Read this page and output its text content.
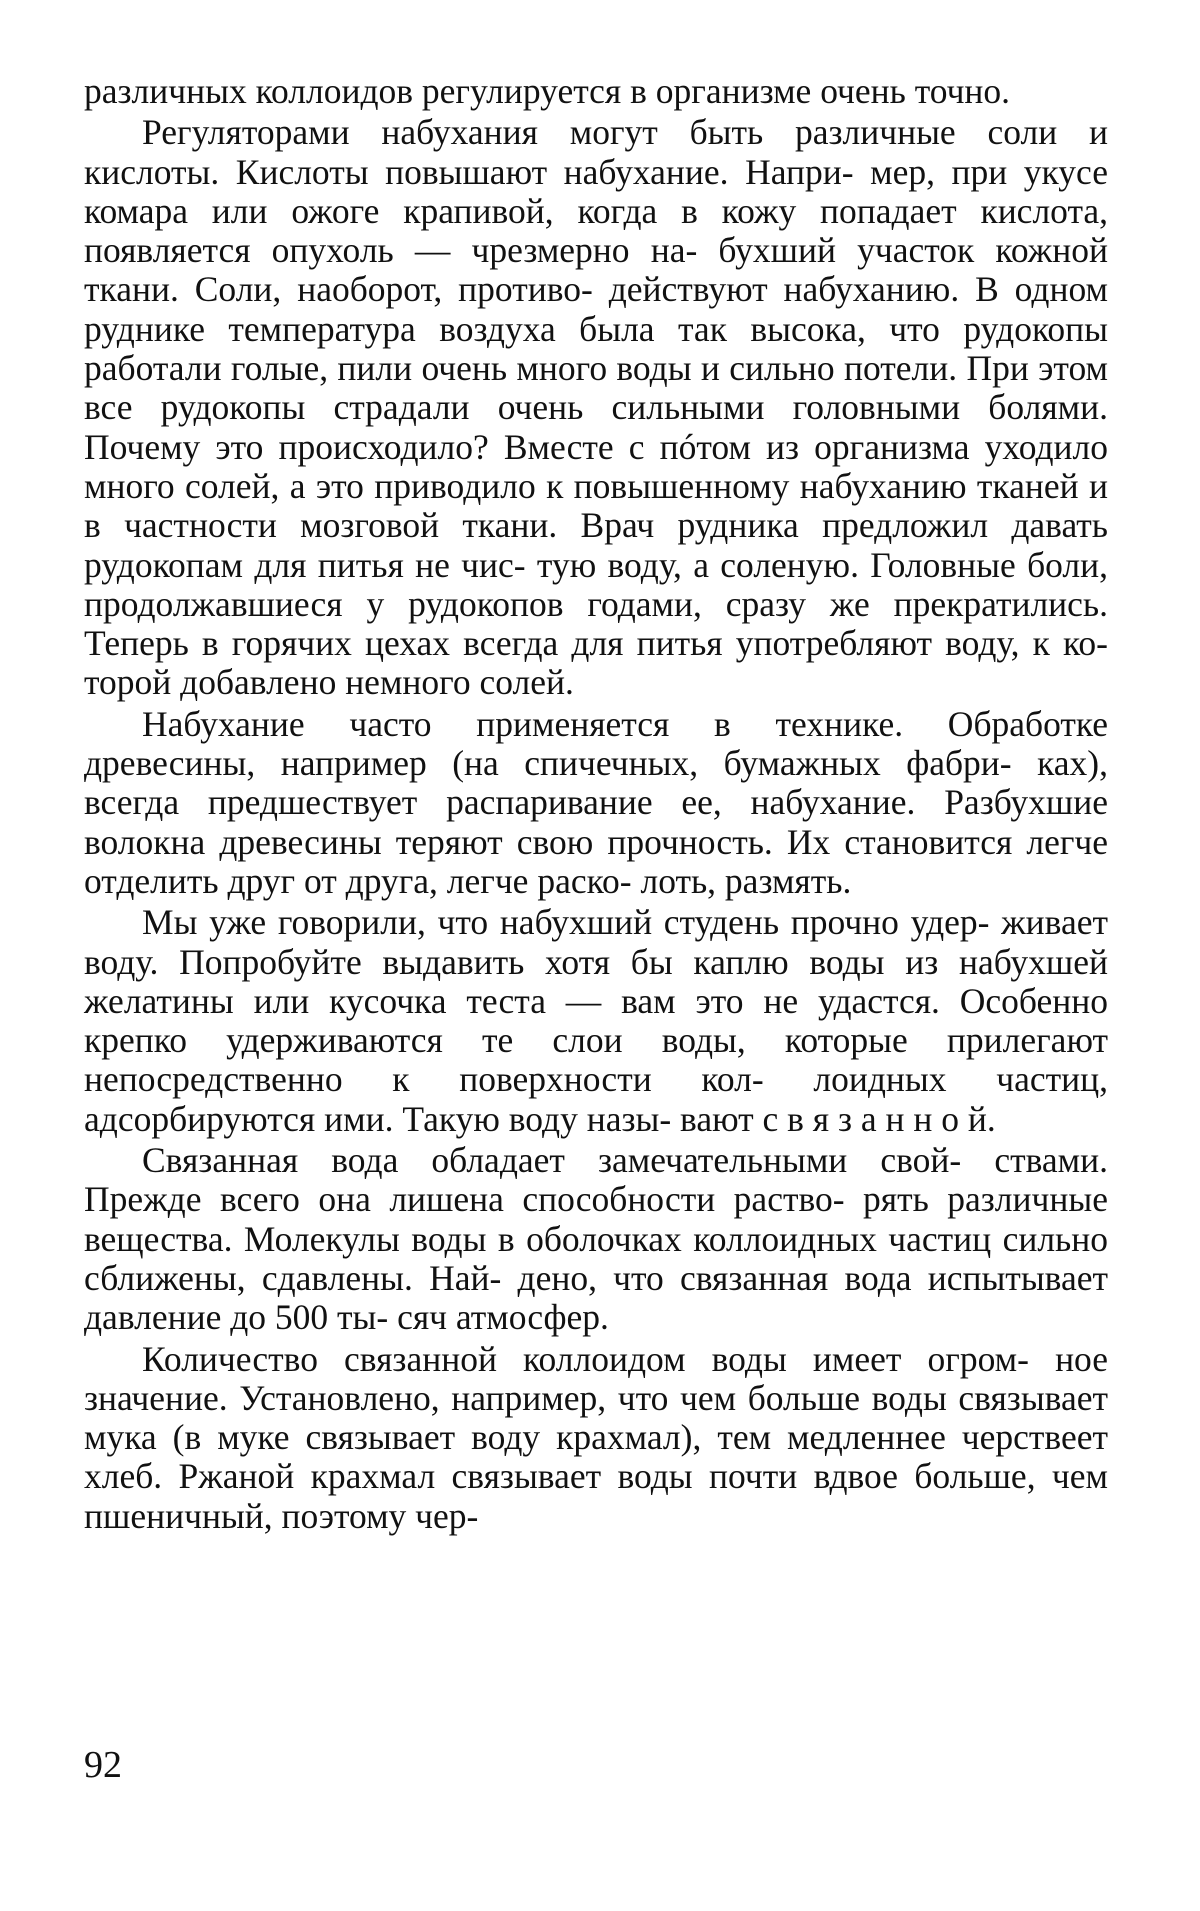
различных коллоидов регулируется в организме очень точно.

Регуляторами набухания могут быть различные соли и кислоты. Кислоты повышают набухание. Напри- мер, при укусе комара или ожоге крапивой, когда в кожу попадает кислота, появляется опухоль — чрезмерно на- бухший участок кожной ткани. Соли, наоборот, противо- действуют набуханию. В одном руднике температура воздуха была так высока, что рудокопы работали голые, пили очень много воды и сильно потели. При этом все рудокопы страдали очень сильными головными болями. Почему это происходило? Вместе с пóтом из организма уходило много солей, а это приводило к повышенному набуханию тканей и в частности мозговой ткани. Врач рудника предложил давать рудокопам для питья не чис- тую воду, а соленую. Головные боли, продолжавшиеся у рудокопов годами, сразу же прекратились. Теперь в горячих цехах всегда для питья употребляют воду, к ко- торой добавлено немного солей.

Набухание часто применяется в технике. Обработке древесины, например (на спичечных, бумажных фабри- ках), всегда предшествует распаривание ее, набухание. Разбухшие волокна древесины теряют свою прочность. Их становится легче отделить друг от друга, легче раско- лоть, размять.

Мы уже говорили, что набухший студень прочно удер- живает воду. Попробуйте выдавить хотя бы каплю воды из набухшей желатины или кусочка теста — вам это не удастся. Особенно крепко удерживаются те слои воды, которые прилегают непосредственно к поверхности кол- лоидных частиц, адсорбируются ими. Такую воду назы- вают с в я з а н н о й.

Связанная вода обладает замечательными свой- ствами. Прежде всего она лишена способности раство- рять различные вещества. Молекулы воды в оболочках коллоидных частиц сильно сближены, сдавлены. Най- дено, что связанная вода испытывает давление до 500 ты- сяч атмосфер.

Количество связанной коллоидом воды имеет огром- ное значение. Установлено, например, что чем больше воды связывает мука (в муке связывает воду крахмал), тем медленнее черствеет хлеб. Ржаной крахмал связывает воды почти вдвое больше, чем пшеничный, поэтому чер-

92
